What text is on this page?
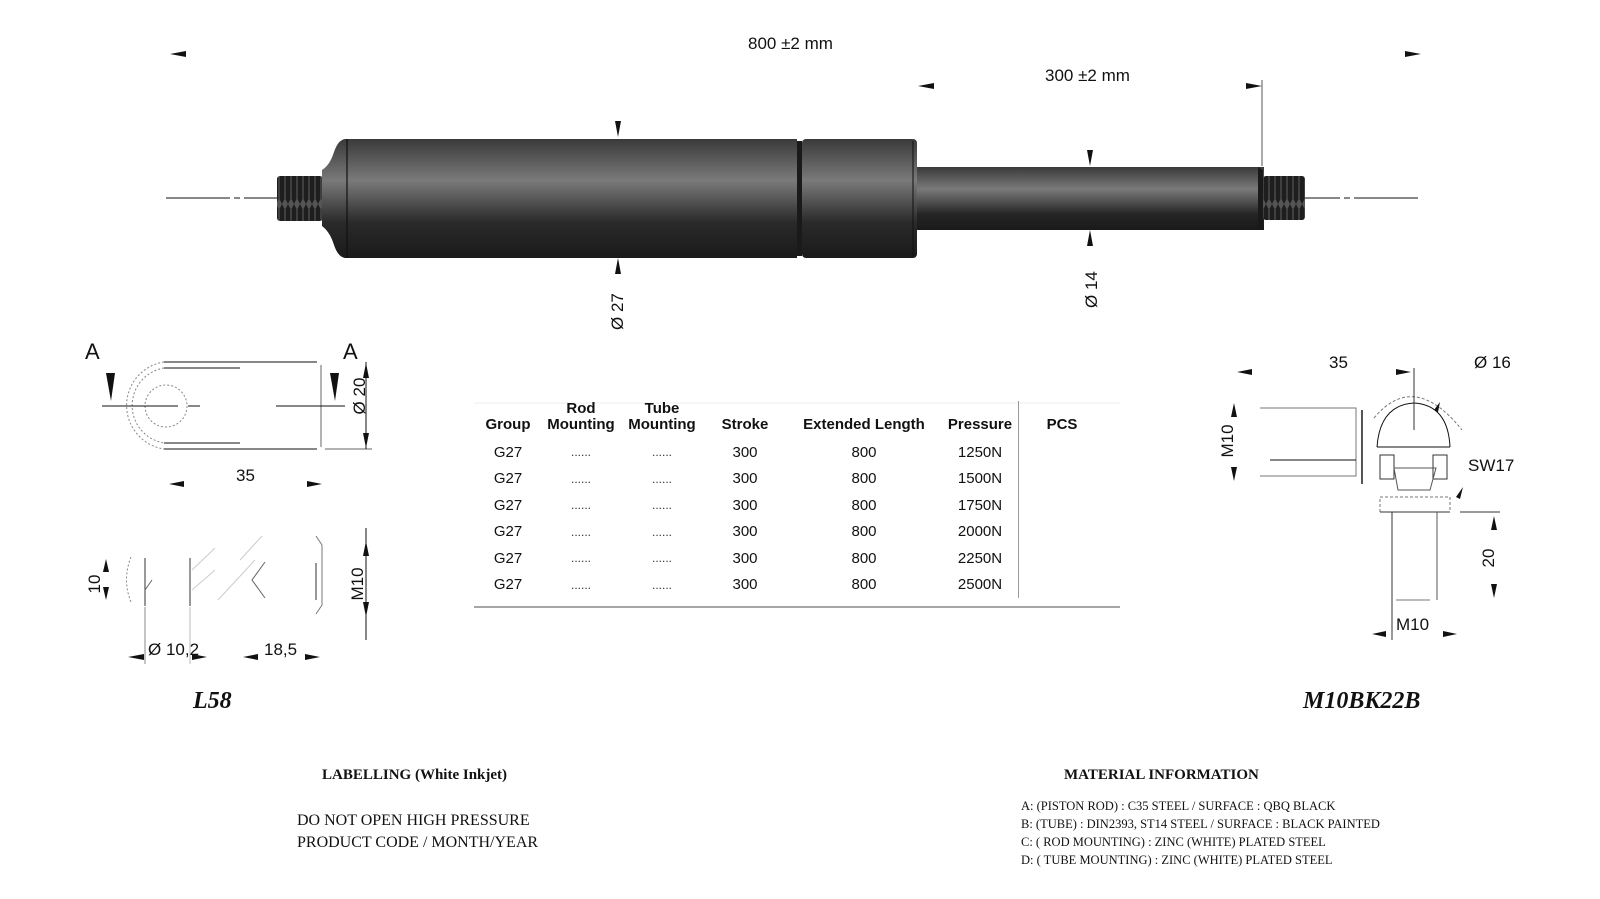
800 ±2 mm
300 ±2 mm
Ø 27
Ø 14
A	A
35
Ø 20
10	M10
Ø 10,2	18,5
L58
35	Ø 16
M10
SW17
20
M10
M10BK22B
Group	Rod Mounting	Tube Mounting	Stroke	Extended Length	Pressure	PCS
G27	......	......	300	800	1250N	
G27	......	......	300	800	1500N	
G27	......	......	300	800	1750N	
G27	......	......	300	800	2000N	
G27	......	......	300	800	2250N	
G27	......	......	300	800	2500N	
LABELLING (White Inkjet)
DO NOT OPEN HIGH PRESSURE
PRODUCT CODE / MONTH/YEAR
MATERIAL INFORMATION
A: (PISTON ROD) : C35 STEEL / SURFACE : QBQ BLACK
B: (TUBE) : DIN2393, ST14 STEEL / SURFACE : BLACK PAINTED
C: ( ROD MOUNTING) : ZINC (WHITE) PLATED STEEL
D: ( TUBE MOUNTING) : ZINC (WHITE) PLATED STEEL
